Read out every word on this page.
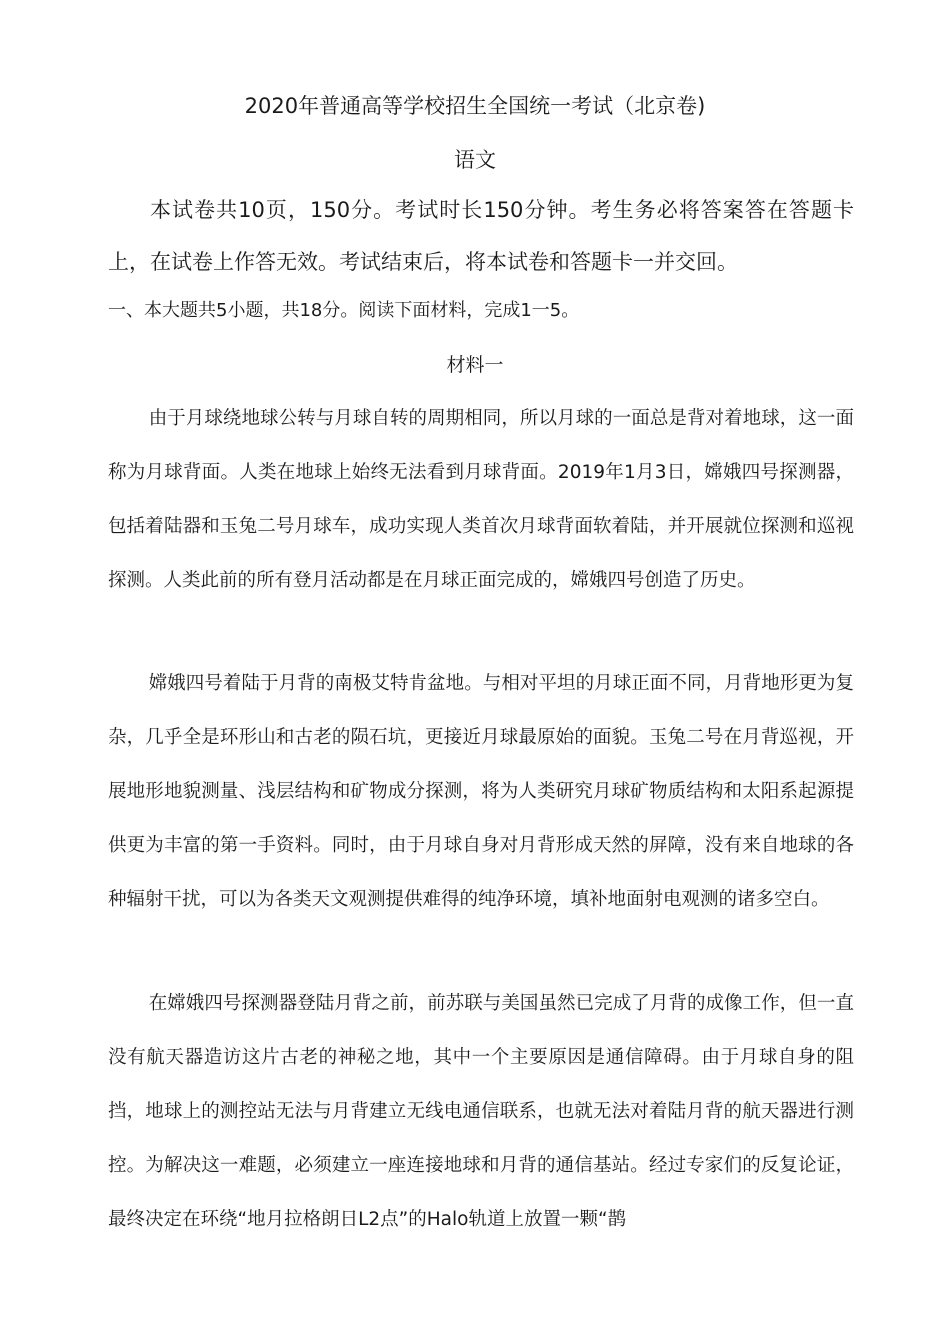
2020年普通高等学校招生全国统一考试（北京卷)
语文

本试卷共10页，150分。考试时长150分钟。考生务必将答案答在答题卡上，在试卷上作答无效。考试结束后，将本试卷和答题卡一并交回。

一、本大题共5小题，共18分。阅读下面材料，完成1一5。

材料一

由于月球绕地球公转与月球自转的周期相同，所以月球的一面总是背对着地球，这一面称为月球背面。人类在地球上始终无法看到月球背面。2019年1月3日，嫦娥四号探测器，包括着陆器和玉兔二号月球车，成功实现人类首次月球背面软着陆，并开展就位探测和巡视探测。人类此前的所有登月活动都是在月球正面完成的，嫦娥四号创造了历史。

嫦娥四号着陆于月背的南极艾特肯盆地。与相对平坦的月球正面不同，月背地形更为复杂，几乎全是环形山和古老的陨石坑，更接近月球最原始的面貌。玉兔二号在月背巡视，开展地形地貌测量、浅层结构和矿物成分探测，将为人类研究月球矿物质结构和太阳系起源提供更为丰富的第一手资料。同时，由于月球自身对月背形成天然的屏障，没有来自地球的各种辐射干扰，可以为各类天文观测提供难得的纯净环境，填补地面射电观测的诸多空白。

在嫦娥四号探测器登陆月背之前，前苏联与美国虽然已完成了月背的成像工作，但一直没有航天器造访这片古老的神秘之地，其中一个主要原因是通信障碍。由于月球自身的阻挡，地球上的测控站无法与月背建立无线电通信联系，也就无法对着陆月背的航天器进行测控。为解决这一难题，必须建立一座连接地球和月背的通信基站。经过专家们的反复论证，最终决定在环绕“地月拉格朗日L2点”的Halo轨道上放置一颗“鹊
